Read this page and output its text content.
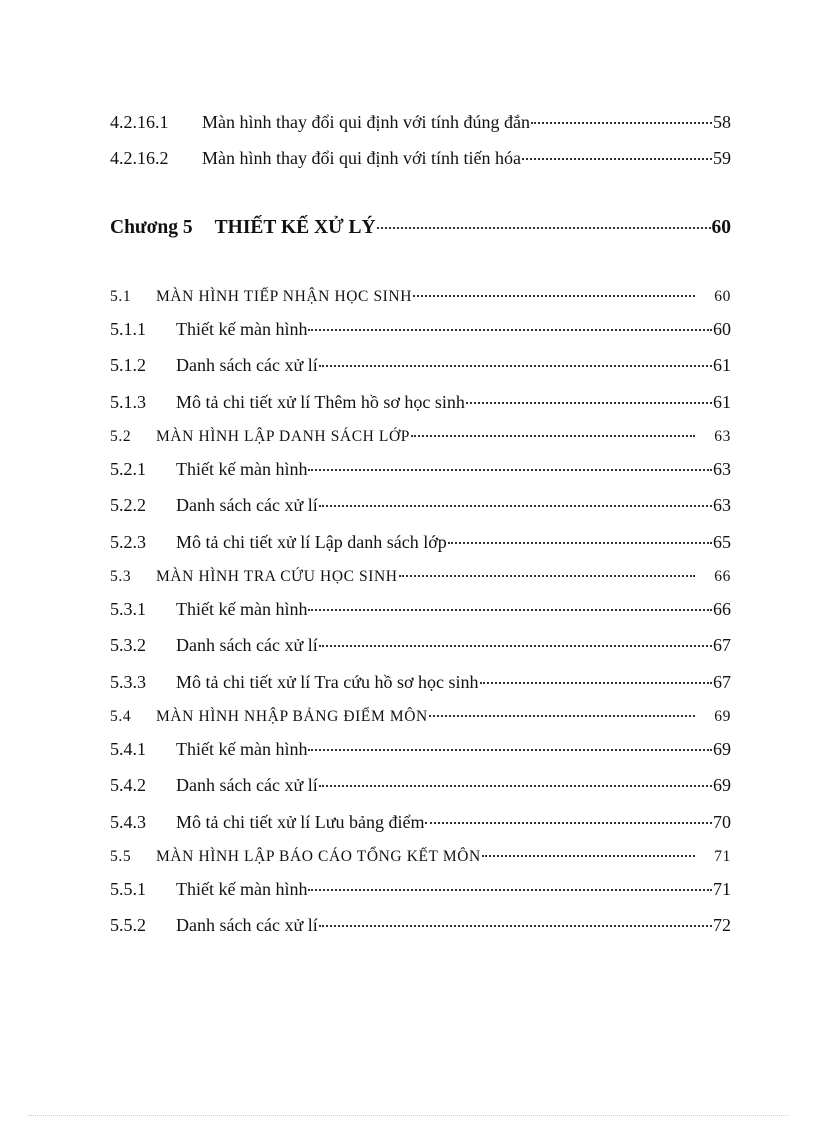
4.2.16.1	Màn hình thay đổi qui định với tính đúng đắn	58
4.2.16.2	Màn hình thay đổi qui định với tính tiến hóa	59
Chương 5 THIẾT KẾ XỬ LÝ	60
5.1	MÀN HÌNH TIẾP NHẬN HỌC SINH	60
5.1.1	Thiết kế màn hình	60
5.1.2	Danh sách các xử lí	61
5.1.3	Mô tả chi tiết xử lí Thêm hồ sơ học sinh	61
5.2	MÀN HÌNH LẬP DANH SÁCH LỚP	63
5.2.1	Thiết kế màn hình	63
5.2.2	Danh sách các xử lí	63
5.2.3	Mô tả chi tiết xử lí Lập danh sách lớp	65
5.3	MÀN HÌNH TRA CỨU HỌC SINH	66
5.3.1	Thiết kế màn hình	66
5.3.2	Danh sách các xử lí	67
5.3.3	Mô tả chi tiết xử lí Tra cứu hồ sơ học sinh	67
5.4	MÀN HÌNH NHẬP BẢNG ĐIỂM MÔN	69
5.4.1	Thiết kế màn hình	69
5.4.2	Danh sách các xử lí	69
5.4.3	Mô tả chi tiết xử lí Lưu bảng điểm	70
5.5	MÀN HÌNH LẬP BÁO CÁO TỔNG KẾT MÔN	71
5.5.1	Thiết kế màn hình	71
5.5.2	Danh sách các xử lí	72
